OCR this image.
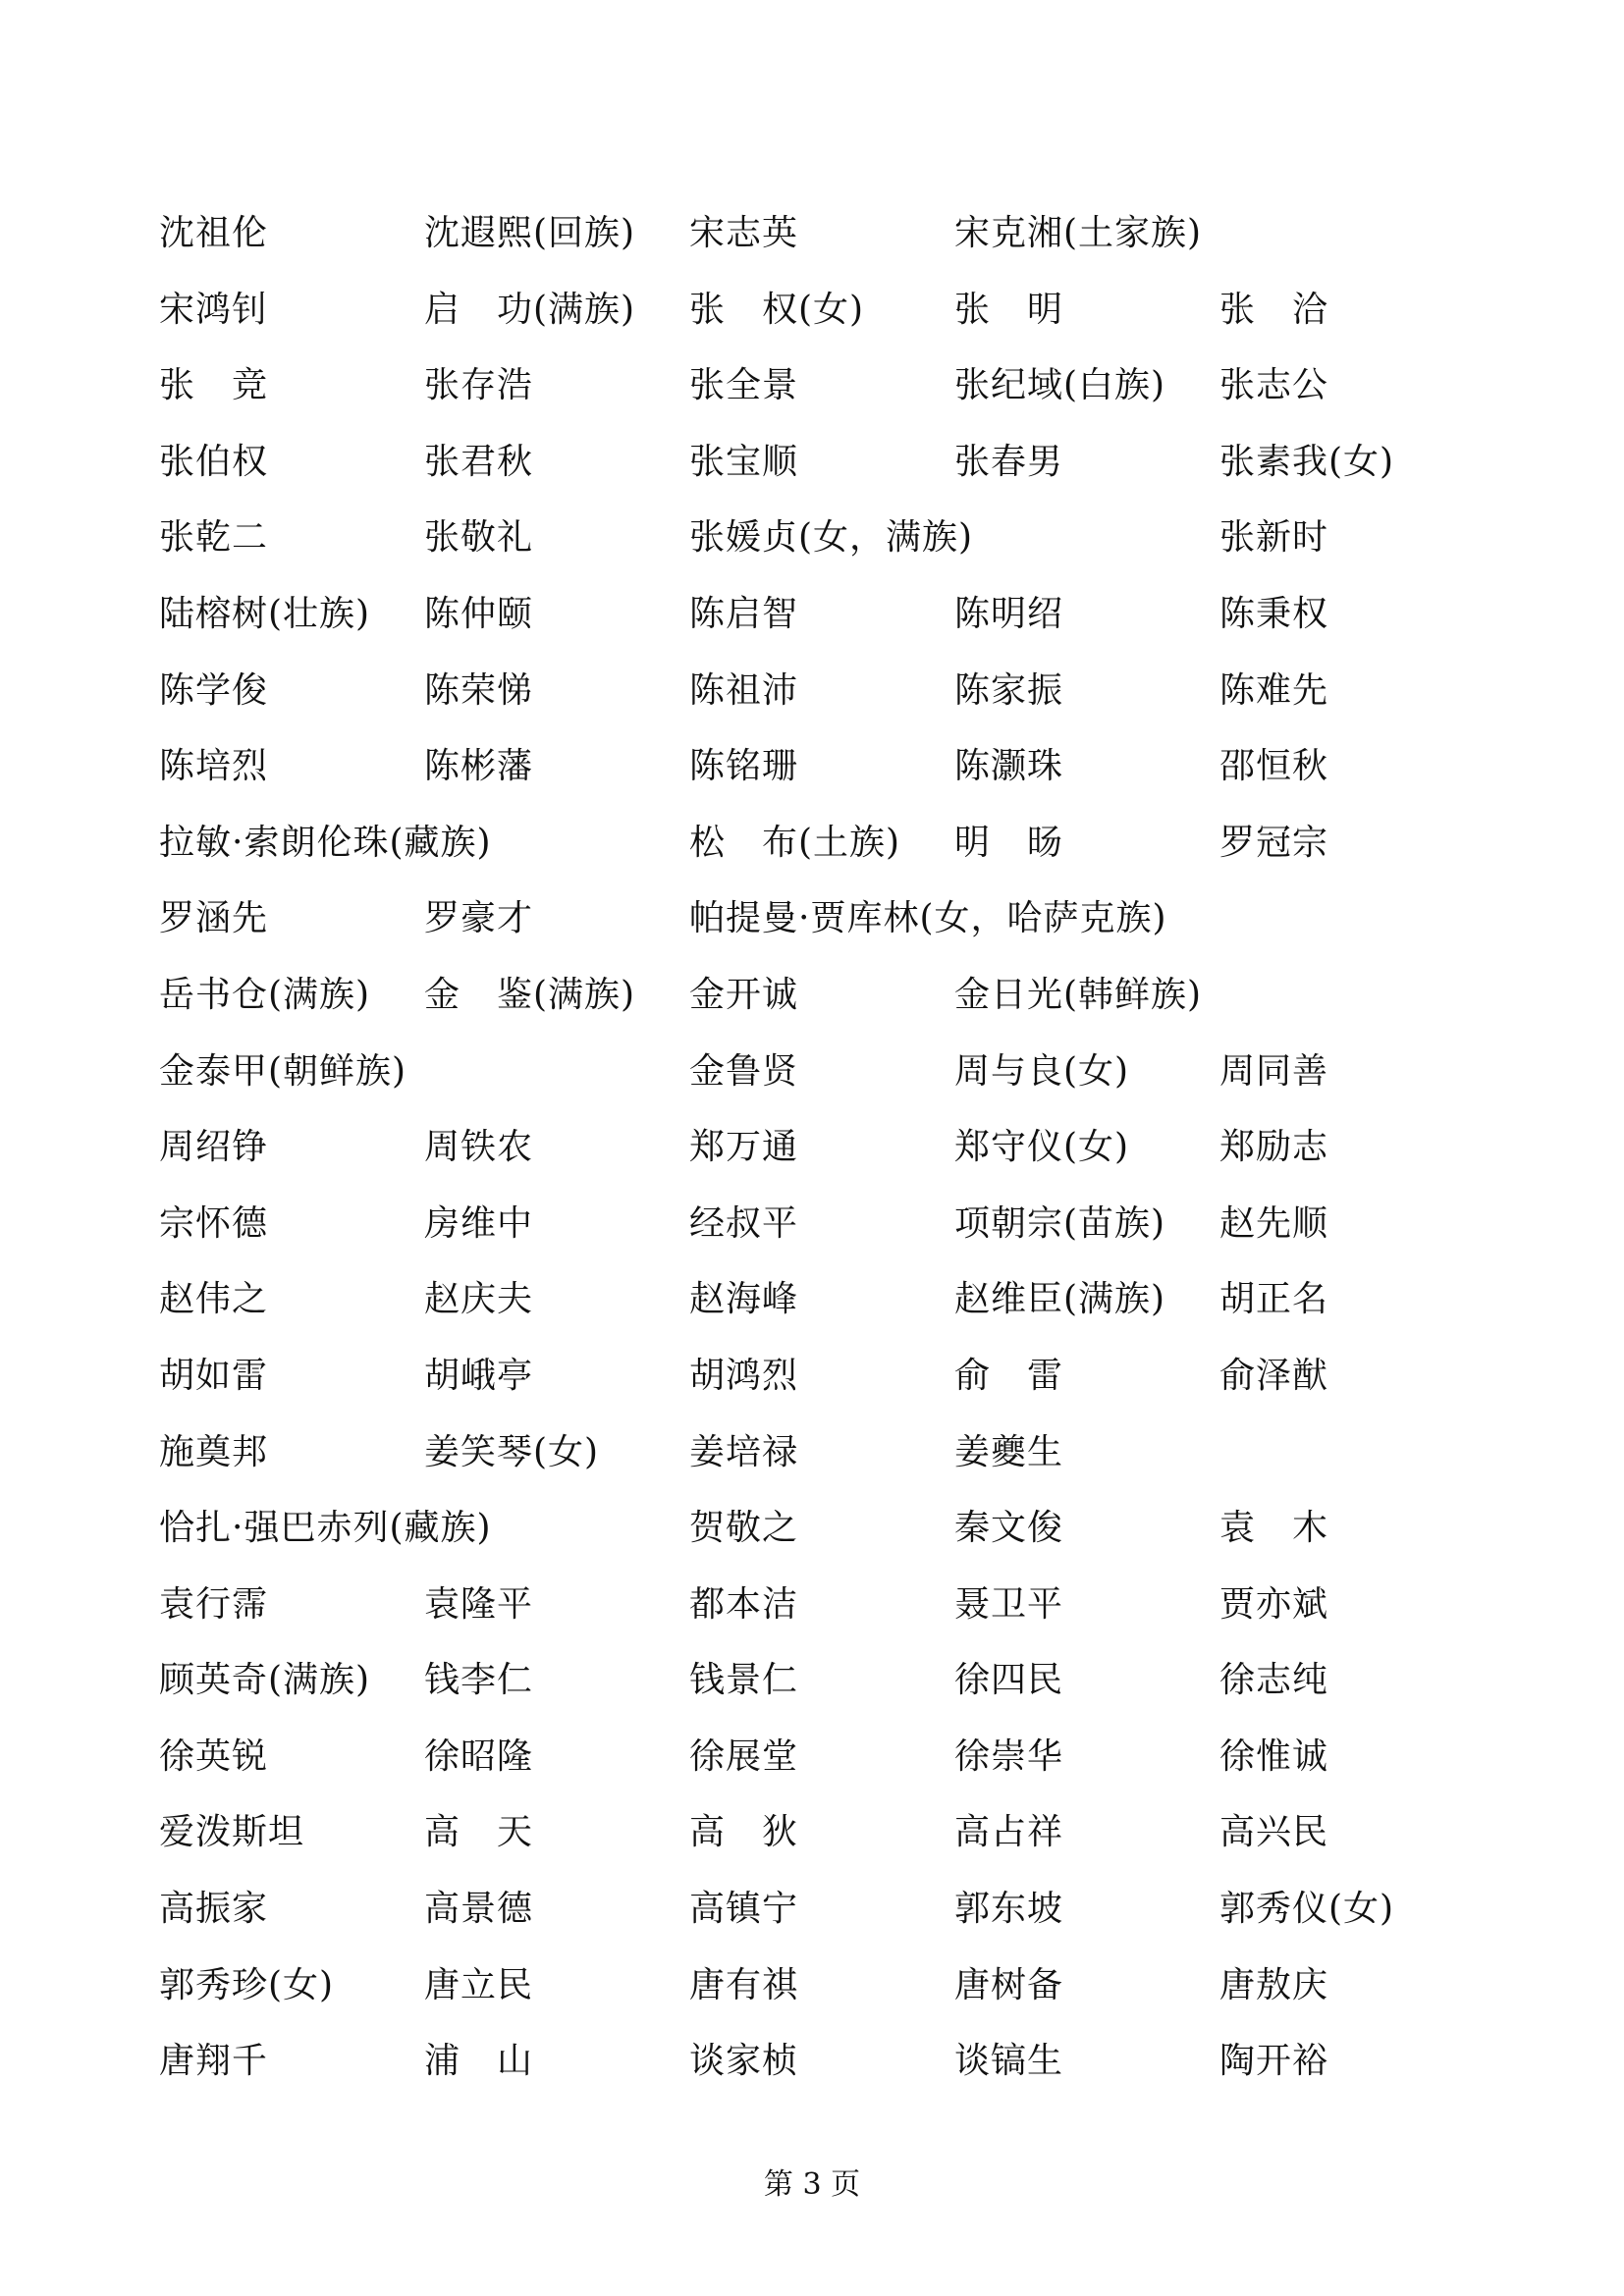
沈祖伦	沈遐熙(回族) 宋志英	宋克湘(土家族)
宋鸿钊	启　功(满族) 张　权(女)	张　明	张　洽
张　竞	张存浩	张全景	张纪域(白族) 张志公
张伯权	张君秋	张宝顺	张春男	张素我(女)
张乾二	张敬礼	张媛贞(女，满族)	张新时
陆榕树(壮族) 陈仲颐	陈启智	陈明绍	陈秉权
陈学俊	陈荣悌	陈祖沛	陈家振	陈难先
陈培烈	陈彬藩	陈铭珊	陈灏珠	邵恒秋
拉敏·索朗伦珠(藏族)	松　布(土族) 明　旸	罗冠宗
罗涵先	罗豪才	帕提曼·贾库林(女，哈萨克族)
岳书仓(满族) 金　鉴(满族) 金开诚	金日光(韩鲜族)
金泰甲(朝鲜族)	金鲁贤	周与良(女)	周同善
周绍铮	周铁农	郑万通	郑守仪(女)	郑励志
宗怀德	房维中	经叔平	项朝宗(苗族) 赵先顺
赵伟之	赵庆夫	赵海峰	赵维臣(满族) 胡正名
胡如雷	胡峨亭	胡鸿烈	俞　雷	俞泽猷
施奠邦	姜笑琴(女)	姜培禄	姜夔生
恰扎·强巴赤列(藏族)	贺敬之	秦文俊	袁　木
袁行霈	袁隆平	都本洁	聂卫平	贾亦斌
顾英奇(满族) 钱李仁	钱景仁	徐四民	徐志纯
徐英锐	徐昭隆	徐展堂	徐崇华	徐惟诚
爱泼斯坦	高　天	高　狄	高占祥	高兴民
高振家	高景德	高镇宁	郭东坡	郭秀仪(女)
郭秀珍(女)	唐立民	唐有祺	唐树备	唐敖庆
唐翔千	浦　山	谈家桢	谈镐生	陶开裕
第 3 页
